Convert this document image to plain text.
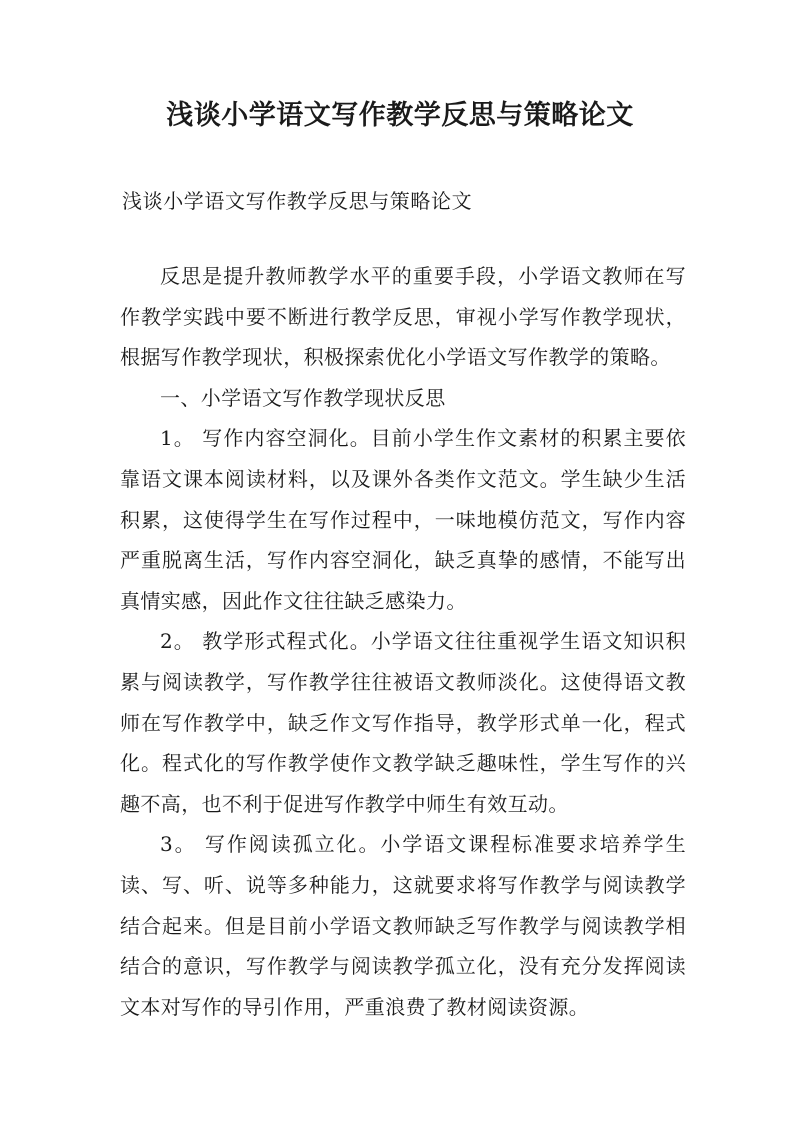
浅谈小学语文写作教学反思与策略论文

浅谈小学语文写作教学反思与策略论文

反思是提升教师教学水平的重要手段，小学语文教师在写作教学实践中要不断进行教学反思，审视小学写作教学现状，根据写作教学现状，积极探索优化小学语文写作教学的策略。

一、小学语文写作教学现状反思

1。 写作内容空洞化。目前小学生作文素材的积累主要依靠语文课本阅读材料，以及课外各类作文范文。学生缺少生活积累，这使得学生在写作过程中，一味地模仿范文，写作内容严重脱离生活，写作内容空洞化，缺乏真挚的感情，不能写出真情实感，因此作文往往缺乏感染力。

2。 教学形式程式化。小学语文往往重视学生语文知识积累与阅读教学，写作教学往往被语文教师淡化。这使得语文教师在写作教学中，缺乏作文写作指导，教学形式单一化，程式化。程式化的写作教学使作文教学缺乏趣味性，学生写作的兴趣不高，也不利于促进写作教学中师生有效互动。

3。 写作阅读孤立化。小学语文课程标准要求培养学生读、写、听、说等多种能力，这就要求将写作教学与阅读教学结合起来。但是目前小学语文教师缺乏写作教学与阅读教学相结合的意识，写作教学与阅读教学孤立化，没有充分发挥阅读文本对写作的导引作用，严重浪费了教材阅读资源。
